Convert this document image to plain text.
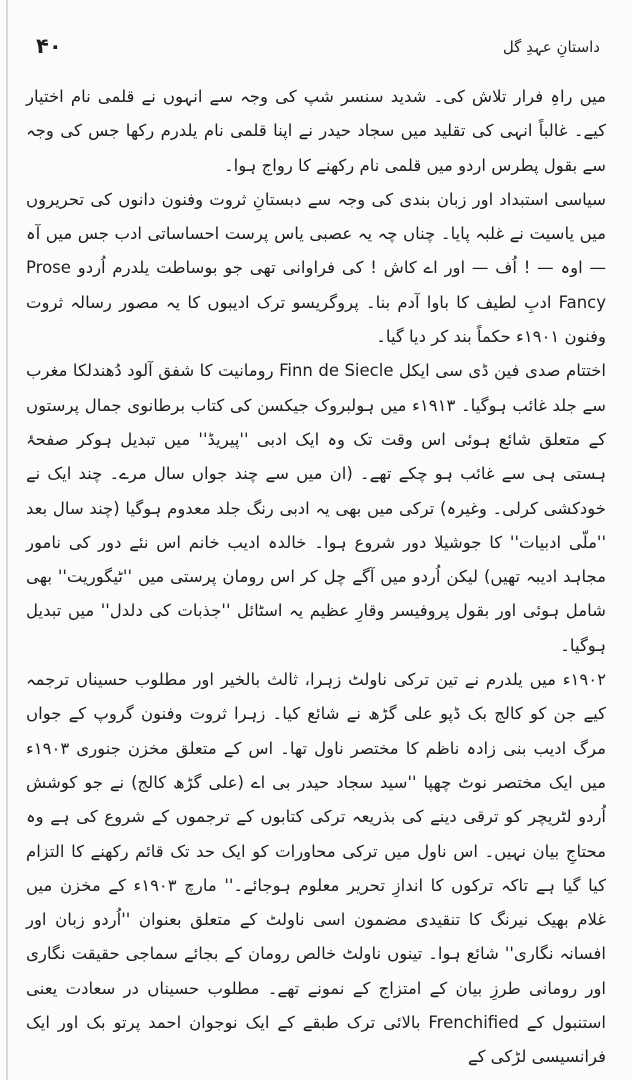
۴۰	داستانِ عہدِ گل

میں راہِ فرار تلاش کی۔ شدید سنسر شپ کی وجہ سے انہوں نے قلمی نام اختیار کیے۔ غالباً انہی کی تقلید میں سجاد حیدر نے اپنا قلمی نام یلدرم رکھا جس کی وجہ سے بقول پطرس اردو میں قلمی نام رکھنے کا رواج ہوا۔

سیاسی استبداد اور زبان بندی کی وجہ سے دبستانِ ثروت وفنون دانوں کی تحریروں میں یاسیت نے غلبہ پایا۔ چناں چہ یہ عصبی یاس پرست احساساتی ادب جس میں آہ — اوہ — ! اُف — اور اے کاش ! کی فراوانی تھی جو بوساطت یلدرم اُردو Prose Fancy ادبِ لطیف کا باوا آدم بنا۔ پروگریسو ترک ادیبوں کا یہ مصور رسالہ ثروت وفنون ۱۹۰۱ء حکماً بند کر دیا گیا۔

اختتام صدی فین ڈی سی ایکل Finn de Siecle رومانیت کا شفق آلود دُھندلکا مغرب سے جلد غائب ہوگیا۔ ۱۹۱۳ء میں ہولبروک جیکسن کی کتاب برطانوی جمال پرستوں کے متعلق شائع ہوئی اس وقت تک وہ ایک ادبی ''پیریڈ'' میں تبدیل ہوکر صفحۂ ہستی ہی سے غائب ہو چکے تھے۔ (ان میں سے چند جواں سال مرے۔ چند ایک نے خودکشی کرلی۔ وغیرہ) ترکی میں بھی یہ ادبی رنگ جلد معدوم ہوگیا (چند سال بعد ''ملّی ادبیات'' کا جوشیلا دور شروع ہوا۔ خالدہ ادیب خانم اس نئے دور کی نامور مجاہد ادیبہ تھیں) لیکن اُردو میں آگے چل کر اس رومان پرستی میں ''ٹیگوریت'' بھی شامل ہوئی اور بقول پروفیسر وقارِ عظیم یہ اسٹائل ''جذبات کی دلدل'' میں تبدیل ہوگیا۔

۱۹۰۲ء میں یلدرم نے تین ترکی ناولٹ زہرا، ثالث بالخیر اور مطلوب حسیناں ترجمہ کیے جن کو کالج بک ڈپو علی گڑھ نے شائع کیا۔ زہرا ثروت وفنون گروپ کے جواں مرگ ادیب بنی زادہ ناظم کا مختصر ناول تھا۔ اس کے متعلق مخزن جنوری ۱۹۰۳ء میں ایک مختصر نوٹ چھپا ''سید سجاد حیدر بی اے (علی گڑھ کالج) نے جو کوشش اُردو لٹریچر کو ترقی دینے کی بذریعہ ترکی کتابوں کے ترجموں کے شروع کی ہے وہ محتاجِ بیان نہیں۔ اس ناول میں ترکی محاورات کو ایک حد تک قائم رکھنے کا التزام کیا گیا ہے تاکہ ترکوں کا اندازِ تحریر معلوم ہوجائے۔'' مارچ ۱۹۰۳ء کے مخزن میں غلام بھیک نیرنگ کا تنقیدی مضمون اسی ناولٹ کے متعلق بعنوان ''اُردو زبان اور افسانہ نگاری'' شائع ہوا۔ تینوں ناولٹ خالص رومان کے بجائے سماجی حقیقت نگاری اور رومانی طرزِ بیان کے امتزاج کے نمونے تھے۔ مطلوب حسیناں در سعادت یعنی استنبول کے Frenchified بالائی ترک طبقے کے ایک نوجوان احمد پرتو بک اور ایک فرانسیسی لڑکی کے
